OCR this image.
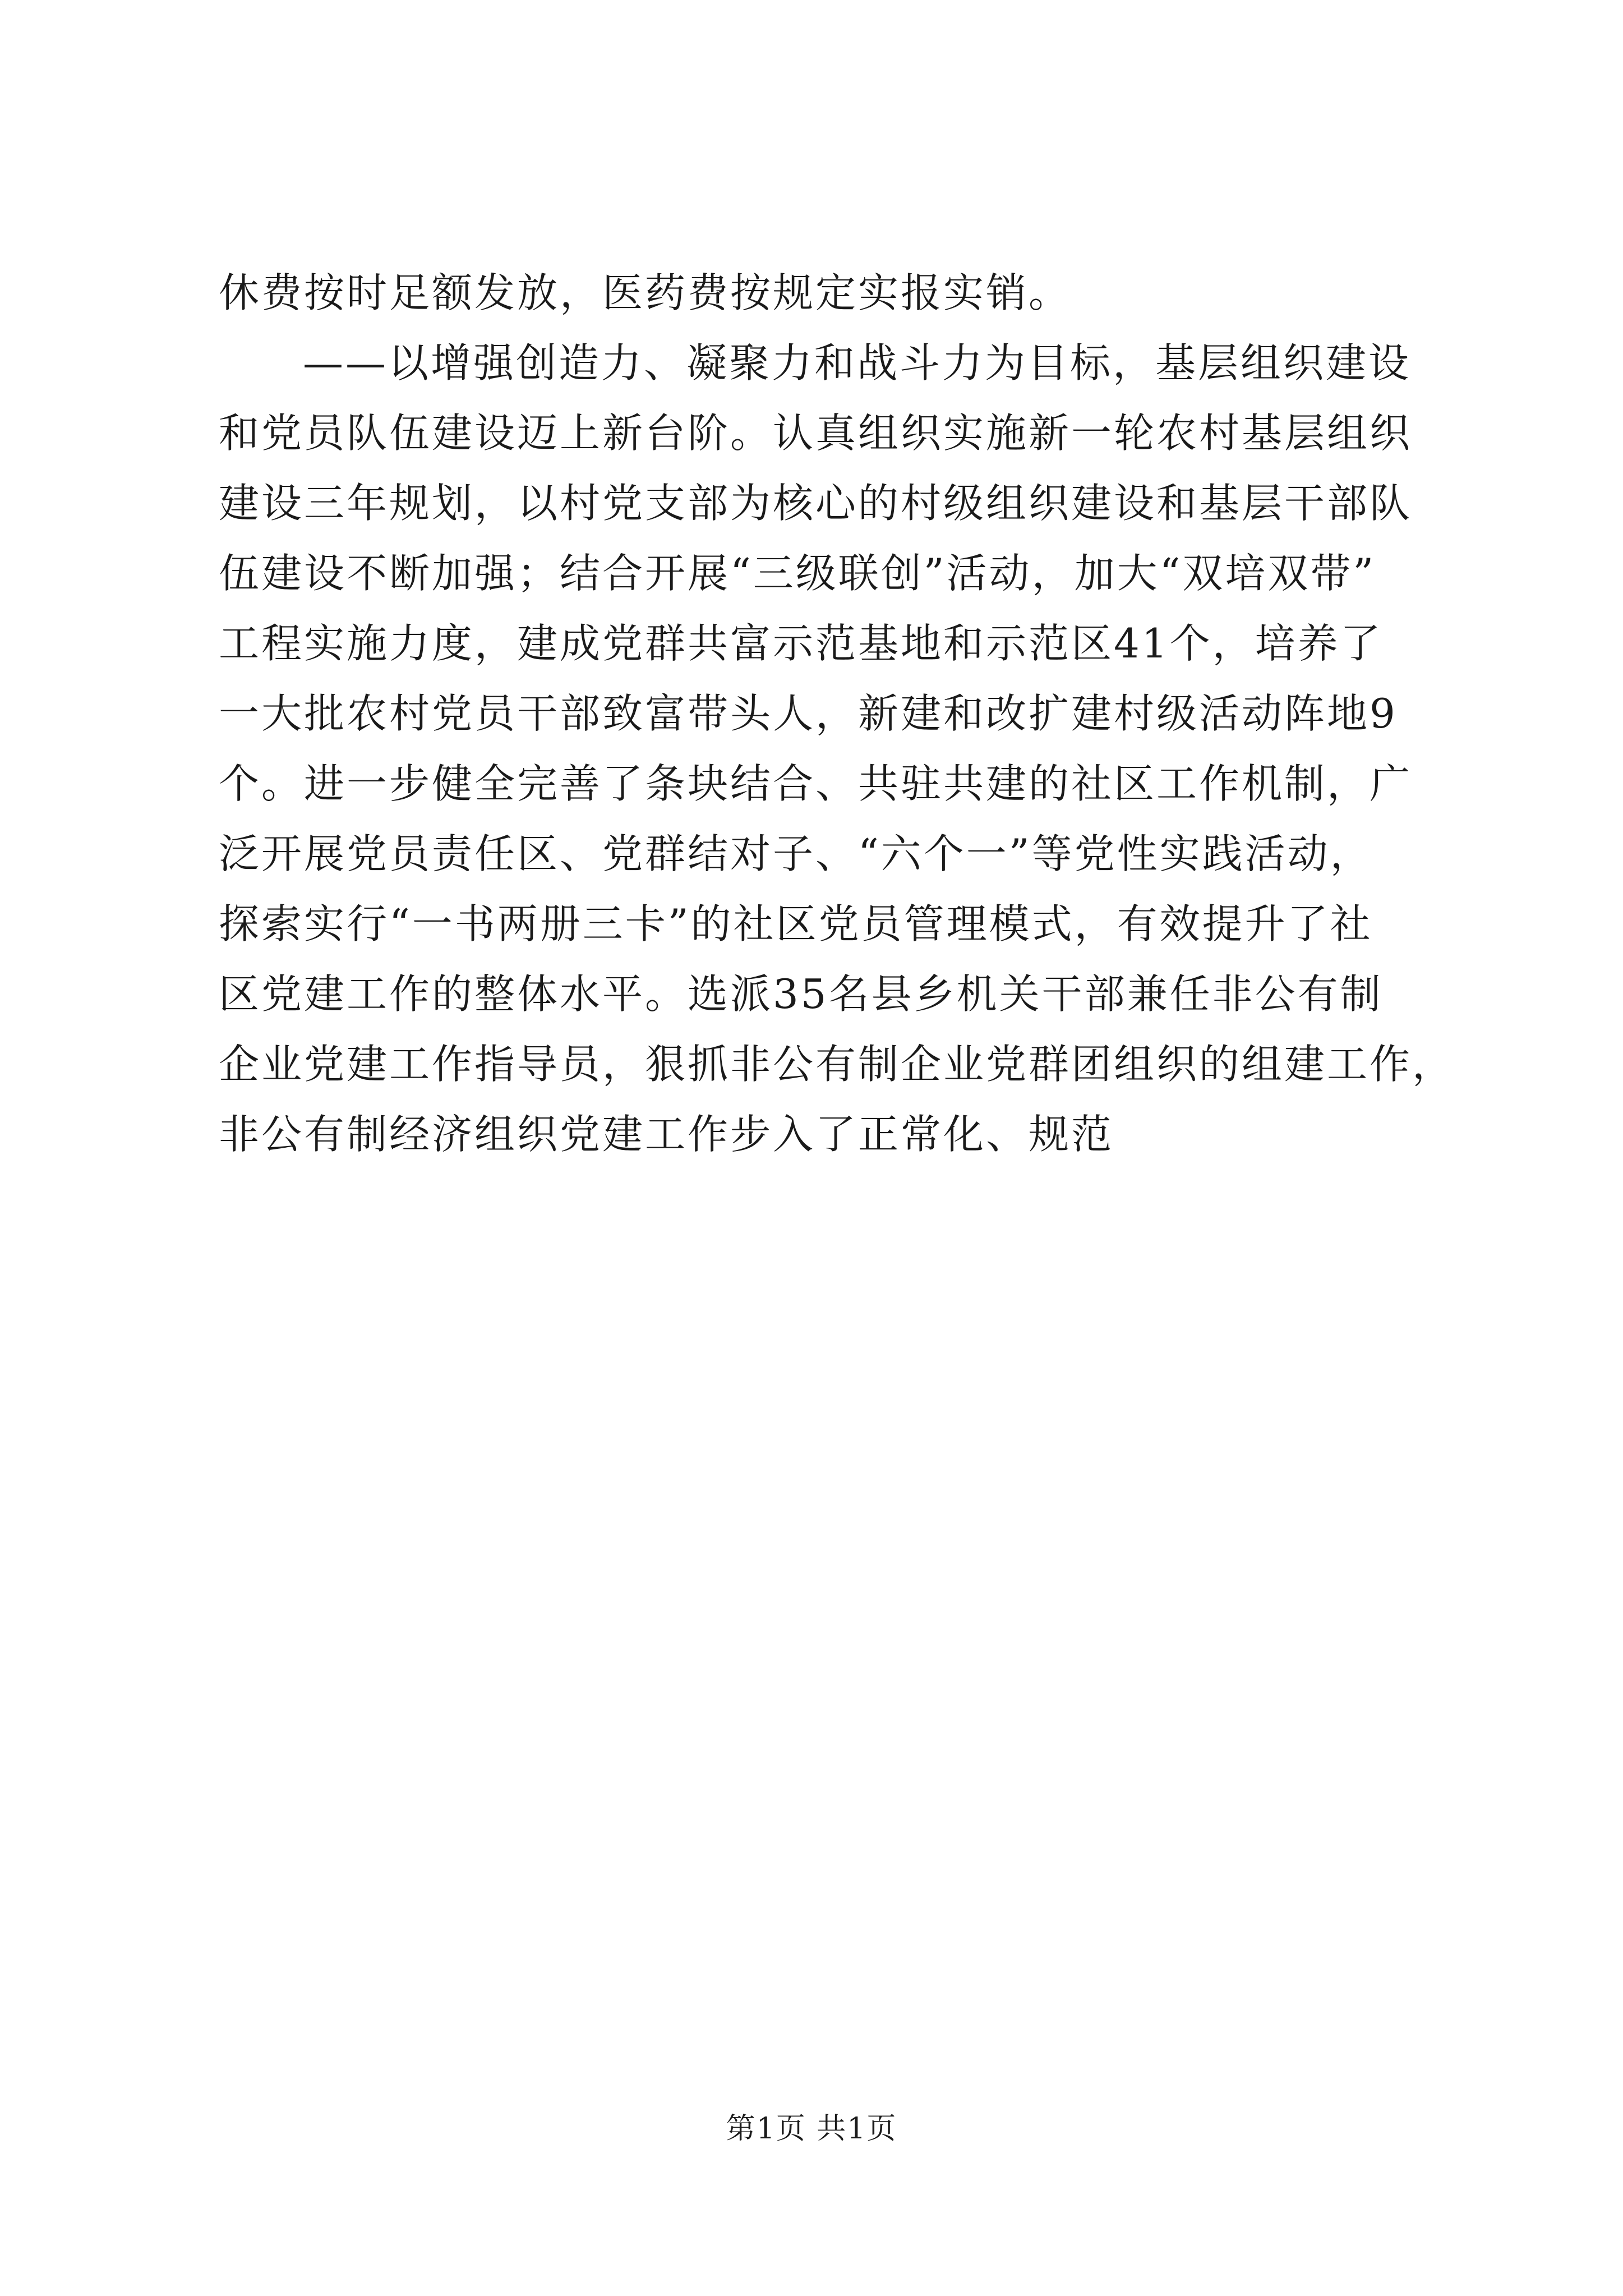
休费按时足额发放，医药费按规定实报实销。
——以增强创造力、凝聚力和战斗力为目标，基层组织建设
和党员队伍建设迈上新台阶。认真组织实施新一轮农村基层组织
建设三年规划，以村党支部为核心的村级组织建设和基层干部队
伍建设不断加强；结合开展“三级联创”活动，加大“双培双带”
工程实施力度，建成党群共富示范基地和示范区41个，培养了
一大批农村党员干部致富带头人，新建和改扩建村级活动阵地9
个。进一步健全完善了条块结合、共驻共建的社区工作机制，广
泛开展党员责任区、党群结对子、“六个一”等党性实践活动，
探索实行“一书两册三卡”的社区党员管理模式，有效提升了社
区党建工作的整体水平。选派35名县乡机关干部兼任非公有制
企业党建工作指导员，狠抓非公有制企业党群团组织的组建工作，
非公有制经济组织党建工作步入了正常化、规范
第1页 共1页
